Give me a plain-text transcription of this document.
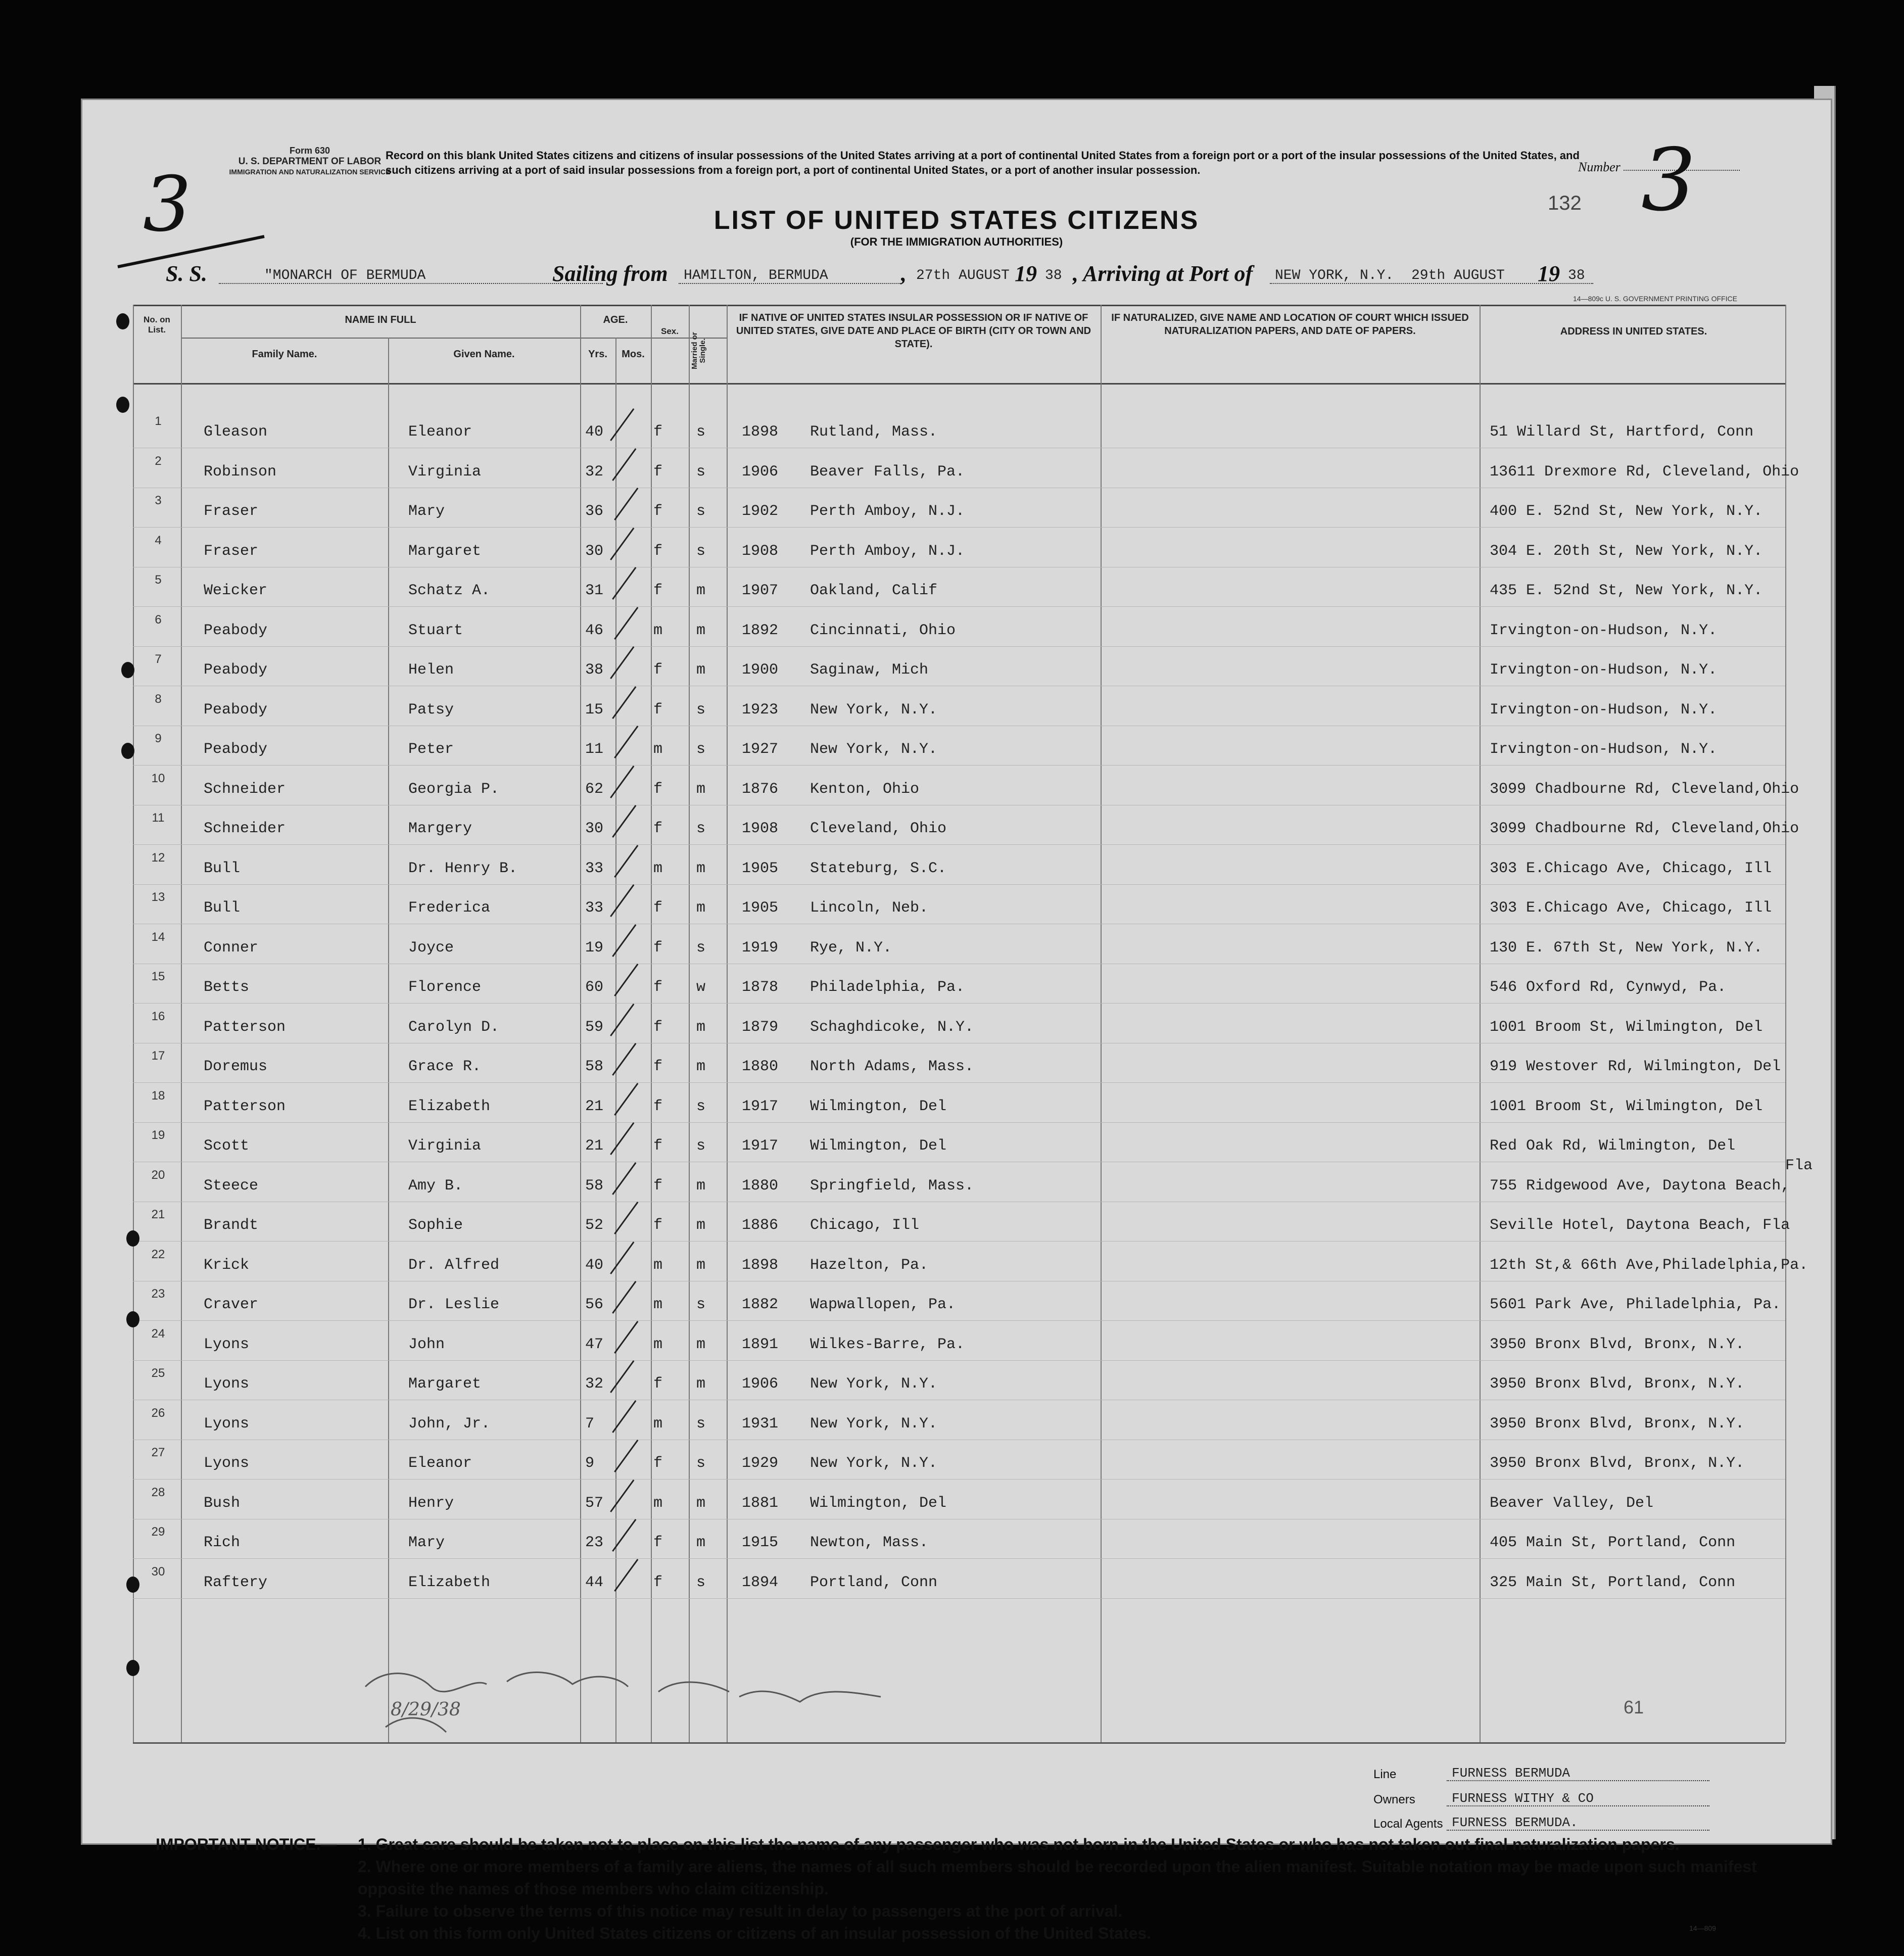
Form 630
U. S. DEPARTMENT OF LABOR
IMMIGRATION AND NATURALIZATION SERVICE
3
Record on this blank United States citizens and citizens of insular possessions of the United States arriving at a port of continental United States from a foreign port or a port of the insular possessions of the United States, and such citizens arriving at a port of said insular possessions from a foreign port, a port of continental United States, or a port of another insular possession.	Number 3
132
LIST OF UNITED STATES CITIZENS
(FOR THE IMMIGRATION AUTHORITIES)
S. S.	"MONARCH OF BERMUDA	Sailing from HAMILTON, BERMUDA	, 27th AUGUST 19 38 , Arriving at Port of NEW YORK, N.Y. 29th AUGUST 19 38
14—809c U. S. GOVERNMENT PRINTING OFFICE
No. on List.
NAME IN FULL
Family Name.	Given Name.
AGE.
Yrs.	Mos.
Sex.
Married or Single.
IF NATIVE OF UNITED STATES INSULAR POSSESSION OR IF NATIVE OF UNITED STATES, GIVE DATE AND PLACE OF BIRTH (CITY OR TOWN AND STATE).
IF NATURALIZED, GIVE NAME AND LOCATION OF COURT WHICH ISSUED NATURALIZATION PAPERS, AND DATE OF PAPERS.	ADDRESS IN UNITED STATES.
1
Gleason	Eleanor	40	f s 1898 Rutland, Mass.	51 Willard St, Hartford, Conn
2
Robinson	Virginia	32	f s 1906 Beaver Falls, Pa.	13611 Drexmore Rd, Cleveland, Ohio
3
Fraser	Mary	36	f s 1902 Perth Amboy, N.J.	400 E. 52nd St, New York, N.Y.
4
Fraser	Margaret	30	f s 1908 Perth Amboy, N.J.	304 E. 20th St, New York, N.Y.
5
Weicker	Schatz A.	31	f m 1907 Oakland, Calif	435 E. 52nd St, New York, N.Y.
6
Peabody	Stuart	46	m m 1892 Cincinnati, Ohio	Irvington-on-Hudson, N.Y.
7
Peabody	Helen	38	f m 1900 Saginaw, Mich	Irvington-on-Hudson, N.Y.
8
Peabody	Patsy	15	f s 1923 New York, N.Y.	Irvington-on-Hudson, N.Y.
9
Peabody	Peter	11	m s 1927 New York, N.Y.	Irvington-on-Hudson, N.Y.
10
Schneider	Georgia P.	62	f m 1876 Kenton, Ohio	3099 Chadbourne Rd, Cleveland,Ohio
11
Schneider	Margery	30	f s 1908 Cleveland, Ohio	3099 Chadbourne Rd, Cleveland,Ohio
12
Bull	Dr. Henry B.	33	m m 1905 Stateburg, S.C.	303 E.Chicago Ave, Chicago, Ill
13
Bull	Frederica	33	f m 1905 Lincoln, Neb.	303 E.Chicago Ave, Chicago, Ill
14
Conner	Joyce	19	f s 1919 Rye, N.Y.	130 E. 67th St, New York, N.Y.
15
Betts	Florence	60	f w 1878 Philadelphia, Pa.	546 Oxford Rd, Cynwyd, Pa.
16
Patterson	Carolyn D.	59	f m 1879 Schaghdicoke, N.Y.	1001 Broom St, Wilmington, Del
17
Doremus	Grace R.	58	f m 1880 North Adams, Mass.	919 Westover Rd, Wilmington, Del
18
Patterson	Elizabeth	21	f s 1917 Wilmington, Del	1001 Broom St, Wilmington, Del
19
Scott	Virginia	21	f s 1917 Wilmington, Del	Red Oak Rd, Wilmington, Del
20
Steece	Amy B.	58	f m 1880 Springfield, Mass.	755 Ridgewood Ave, Daytona Beach,
Fla
21
Brandt	Sophie	52	f m 1886 Chicago, Ill	Seville Hotel, Daytona Beach, Fla
22
Krick	Dr. Alfred	40	m m 1898 Hazelton, Pa.	12th St,& 66th Ave,Philadelphia,Pa.
23
Craver	Dr. Leslie	56	m s 1882 Wapwallopen, Pa.	5601 Park Ave, Philadelphia, Pa.
24
Lyons	John	47	m m 1891 Wilkes-Barre, Pa.	3950 Bronx Blvd, Bronx, N.Y.
25
Lyons	Margaret	32	f m 1906 New York, N.Y.	3950 Bronx Blvd, Bronx, N.Y.
26
Lyons	John, Jr.	7	m s 1931 New York, N.Y.	3950 Bronx Blvd, Bronx, N.Y.
27
Lyons	Eleanor	9	f s 1929 New York, N.Y.	3950 Bronx Blvd, Bronx, N.Y.
28
Bush	Henry	57	m m 1881 Wilmington, Del	Beaver Valley, Del
29
Rich	Mary	23	f m 1915 Newton, Mass.	405 Main St, Portland, Conn
30
Raftery	Elizabeth	44	f s 1894 Portland, Conn	325 Main St, Portland, Conn
8/29/38	61
Line	FURNESS BERMUDA
Owners	FURNESS WITHY & CO
Local Agents FURNESS BERMUDA.
IMPORTANT NOTICE.—	1. Great care should be taken not to place on this list the name of any passenger who was not born in the United States or who has not taken out final naturalization papers.
2. Where one or more members of a family are aliens, the names of all such members should be recorded upon the alien manifest. Suitable notation may be made upon such manifest opposite the names of those members who claim citizenship.
3. Failure to observe the terms of this notice may result in delay to passengers at the port of arrival.
4. List on this form only United States citizens or citizens of an insular possession of the United States.	14—809
